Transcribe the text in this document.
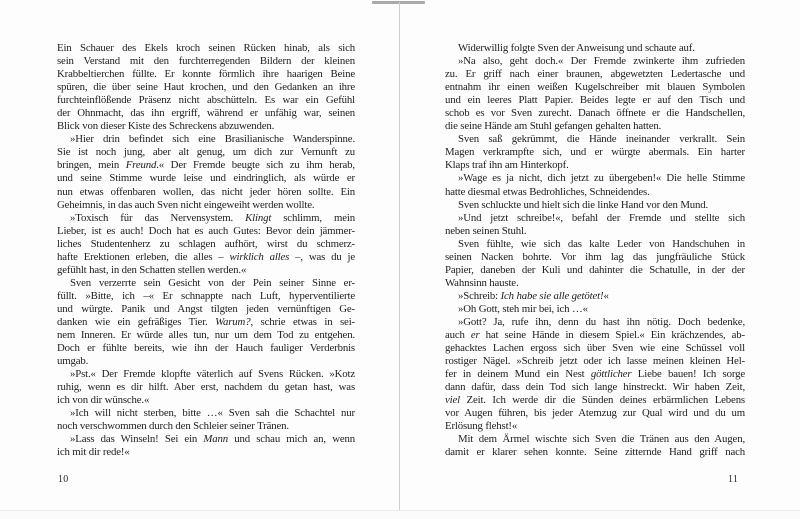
Ein Schauer des Ekels kroch seinen Rücken hinab, als sich
sein Verstand mit den furchterregenden Bildern der kleinen
Krabbeltierchen füllte. Er konnte förmlich ihre haarigen Beine
spüren, die über seine Haut krochen, und den Gedanken an ihre
furchteinflößende Präsenz nicht abschütteln. Es war ein Gefühl
der Ohnmacht, das ihn ergriff, während er unfähig war, seinen
Blick von dieser Kiste des Schreckens abzuwenden.
»Hier drin befindet sich eine Brasilianische Wanderspinne.
Sie ist noch jung, aber alt genug, um dich zur Vernunft zu
bringen, mein Freund.« Der Fremde beugte sich zu ihm herab,
und seine Stimme wurde leise und eindringlich, als würde er
nun etwas offenbaren wollen, das nicht jeder hören sollte. Ein
Geheimnis, in das auch Sven nicht eingeweiht werden wollte.
»Toxisch für das Nervensystem. Klingt schlimm, mein
Lieber, ist es auch! Doch hat es auch Gutes: Bevor dein jämmer-
liches Studentenherz zu schlagen aufhört, wirst du schmerz-
hafte Erektionen erleben, die alles – wirklich alles –, was du je
gefühlt hast, in den Schatten stellen werden.«
Sven verzerrte sein Gesicht von der Pein seiner Sinne er-
füllt. »Bitte, ich –« Er schnappte nach Luft, hyperventilierte
und würgte. Panik und Angst tilgten jeden vernünftigen Ge-
danken wie ein gefräßiges Tier. Warum?, schrie etwas in sei-
nem Inneren. Er würde alles tun, nur um dem Tod zu entgehen.
Doch er fühlte bereits, wie ihn der Hauch fauliger Verderbnis
umgab.
»Pst.« Der Fremde klopfte väterlich auf Svens Rücken. »Kotz
ruhig, wenn es dir hilft. Aber erst, nachdem du getan hast, was
ich von dir wünsche.«
»Ich will nicht sterben, bitte …« Sven sah die Schachtel nur
noch verschwommen durch den Schleier seiner Tränen.
»Lass das Winseln! Sei ein Mann und schau mich an, wenn
ich mit dir rede!«
10
Widerwillig folgte Sven der Anweisung und schaute auf.
»Na also, geht doch.« Der Fremde zwinkerte ihm zufrieden
zu. Er griff nach einer braunen, abgewetzten Ledertasche und
entnahm ihr einen weißen Kugelschreiber mit blauen Symbolen
und ein leeres Platt Papier. Beides legte er auf den Tisch und
schob es vor Sven zurecht. Danach öffnete er die Handschellen,
die seine Hände am Stuhl gefangen gehalten hatten.
Sven saß gekrümmt, die Hände ineinander verkrallt. Sein
Magen verkrampfte sich, und er würgte abermals. Ein harter
Klaps traf ihn am Hinterkopf.
»Wage es ja nicht, dich jetzt zu übergeben!« Die helle Stimme
hatte diesmal etwas Bedrohliches, Schneidendes.
Sven schluckte und hielt sich die linke Hand vor den Mund.
»Und jetzt schreibe!«, befahl der Fremde und stellte sich
neben seinen Stuhl.
Sven fühlte, wie sich das kalte Leder von Handschuhen in
seinen Nacken bohrte. Vor ihm lag das jungfräuliche Stück
Papier, daneben der Kuli und dahinter die Schatulle, in der der
Wahnsinn hauste.
»Schreib: Ich habe sie alle getötet!«
»Oh Gott, steh mir bei, ich …«
»Gott? Ja, rufe ihn, denn du hast ihn nötig. Doch bedenke,
auch er hat seine Hände in diesem Spiel.« Ein krächzendes, ab-
gehacktes Lachen ergoss sich über Sven wie eine Schüssel voll
rostiger Nägel. »Schreib jetzt oder ich lasse meinen kleinen Hel-
fer in deinem Mund ein Nest göttlicher Liebe bauen! Ich sorge
dann dafür, dass dein Tod sich lange hinstreckt. Wir haben Zeit,
viel Zeit. Ich werde dir die Sünden deines erbärmlichen Lebens
vor Augen führen, bis jeder Atemzug zur Qual wird und du um
Erlösung flehst!«
Mit dem Ärmel wischte sich Sven die Tränen aus den Augen,
damit er klarer sehen konnte. Seine zitternde Hand griff nach
11
